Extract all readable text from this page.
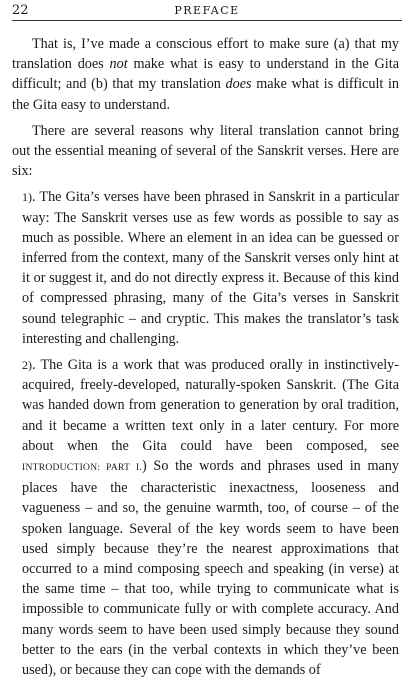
22	PREFACE

That is, I’ve made a conscious effort to make sure (a) that my translation does not make what is easy to understand in the Gita difficult; and (b) that my translation does make what is difficult in the Gita easy to understand.

There are several reasons why literal translation cannot bring out the essential meaning of several of the Sanskrit verses. Here are six:

1). The Gita’s verses have been phrased in Sanskrit in a particular way: The Sanskrit verses use as few words as possible to say as much as possible. Where an element in an idea can be guessed or inferred from the context, many of the Sanskrit verses only hint at it or suggest it, and do not directly express it. Because of this kind of compressed phrasing, many of the Gita’s verses in Sanskrit sound telegraphic – and cryptic. This makes the translator’s task interesting and challenging.

2). The Gita is a work that was produced orally in instinctively-acquired, freely-developed, naturally-spoken Sanskrit. (The Gita was handed down from generation to generation by oral tradition, and it became a written text only in a later century. For more about when the Gita could have been composed, see INTRODUCTION: PART I.) So the words and phrases used in many places have the characteristic inexactness, looseness and vagueness – and so, the genuine warmth, too, of course – of the spoken language. Several of the key words seem to have been used simply because they’re the nearest approximations that occurred to a mind composing speech and speaking (in verse) at the same time – that too, while trying to communicate what is impossible to communicate fully or with complete accuracy. And many words seem to have been used simply because they sound better to the ears (in the verbal contexts in which they’ve been used), or because they can cope with the demands of
